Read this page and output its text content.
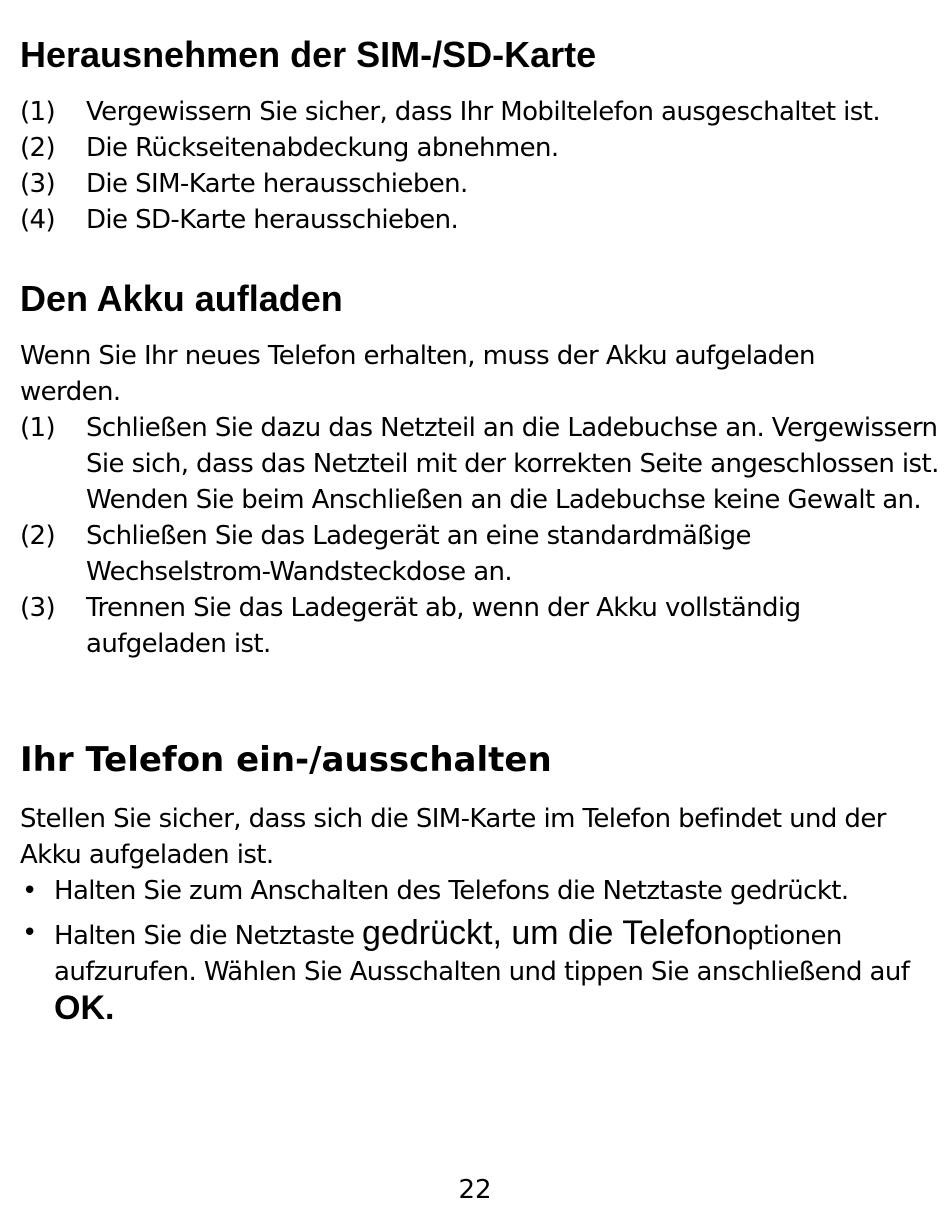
Herausnehmen der SIM-/SD-Karte
(1) Vergewissern Sie sicher, dass Ihr Mobiltelefon ausgeschaltet ist.
(2) Die Rückseitenabdeckung abnehmen.
(3) Die SIM-Karte herausschieben.
(4) Die SD-Karte herausschieben.
Den Akku aufladen

Wenn Sie Ihr neues Telefon erhalten, muss der Akku aufgeladen werden.

(1) Schließen Sie dazu das Netzteil an die Ladebuchse an. Vergewissern Sie sich, dass das Netzteil mit der korrekten Seite angeschlossen ist. Wenden Sie beim Anschließen an die Ladebuchse keine Gewalt an.
(2) Schließen Sie das Ladegerät an eine standardmäßige Wechselstrom-Wandsteckdose an.
(3) Trennen Sie das Ladegerät ab, wenn der Akku vollständig aufgeladen ist.
Ihr Telefon ein-/ausschalten

Stellen Sie sicher, dass sich die SIM-Karte im Telefon befindet und der Akku aufgeladen ist.

• Halten Sie zum Anschalten des Telefons die Netztaste gedrückt.
• Halten Sie die Netztaste gedrückt, um die Telefonoptionen aufzurufen. Wählen Sie Ausschalten und tippen Sie anschließend auf OK.
22
